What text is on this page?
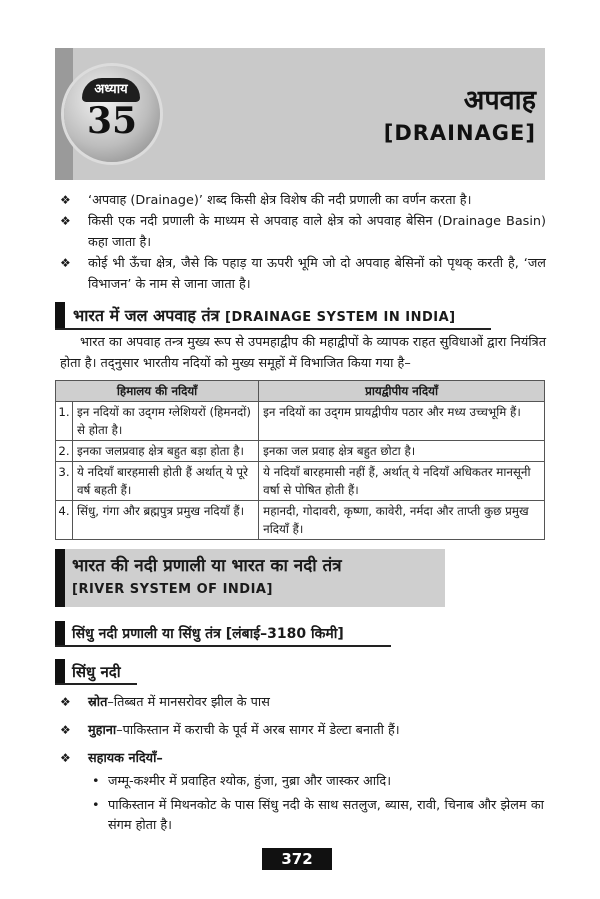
अध्याय
35	अपवाह
[DRAINAGE]
❖ ‘अपवाह (Drainage)’ शब्द किसी क्षेत्र विशेष की नदी प्रणाली का वर्णन करता है।
❖ किसी एक नदी प्रणाली के माध्यम से अपवाह वाले क्षेत्र को अपवाह बेसिन (Drainage Basin) कहा जाता है।
❖ कोई भी ऊँचा क्षेत्र, जैसे कि पहाड़ या ऊपरी भूमि जो दो अपवाह बेसिनों को पृथक् करती है, ‘जल विभाजन’ के नाम से जाना जाता है।
भारत में जल अपवाह तंत्र [DRAINAGE SYSTEM IN INDIA]
भारत का अपवाह तन्त्र मुख्य रूप से उपमहाद्वीप की महाद्वीपों के व्यापक राहत सुविधाओं द्वारा नियंत्रित होता है। तद्नुसार भारतीय नदियों को मुख्य समूहों में विभाजित किया गया है–
हिमालय की नदियाँ		प्रायद्वीपीय नदियाँ
1.	इन नदियों का उद्‌गम ग्लेशियरों (हिमनदों) से होता है।	इन नदियों का उद्‌गम प्रायद्वीपीय पठार और मध्य उच्चभूमि हैं।
2.	इनका जलप्रवाह क्षेत्र बहुत बड़ा होता है।	इनका जल प्रवाह क्षेत्र बहुत छोटा है।
3.	ये नदियाँ बारहमासी होती हैं अर्थात् ये पूरे वर्ष बहती हैं।	ये नदियाँ बारहमासी नहीं हैं, अर्थात् ये नदियाँ अधिकतर मानसूनी वर्षा से पोषित होती हैं।
4.	सिंधु, गंगा और ब्रह्मपुत्र प्रमुख नदियाँ हैं।	महानदी, गोदावरी, कृष्णा, कावेरी, नर्मदा और ताप्ती कुछ प्रमुख नदियाँ हैं।
भारत की नदी प्रणाली या भारत का नदी तंत्र
[RIVER SYSTEM OF INDIA]
सिंधु नदी प्रणाली या सिंधु तंत्र [लंबाई–3180 किमी]
सिंधु नदी
❖ स्रोत–तिब्बत में मानसरोवर झील के पास
❖ मुहाना–पाकिस्तान में कराची के पूर्व में अरब सागर में डेल्टा बनाती हैं।
❖ सहायक नदियाँ–
• जम्मू-कश्मीर में प्रवाहित श्योक, हुंजा, नुब्रा और जास्कर आदि।
• पाकिस्तान में मिथनकोट के पास सिंधु नदी के साथ सतलुज, ब्यास, रावी, चिनाब और झेलम का संगम होता है।
372
